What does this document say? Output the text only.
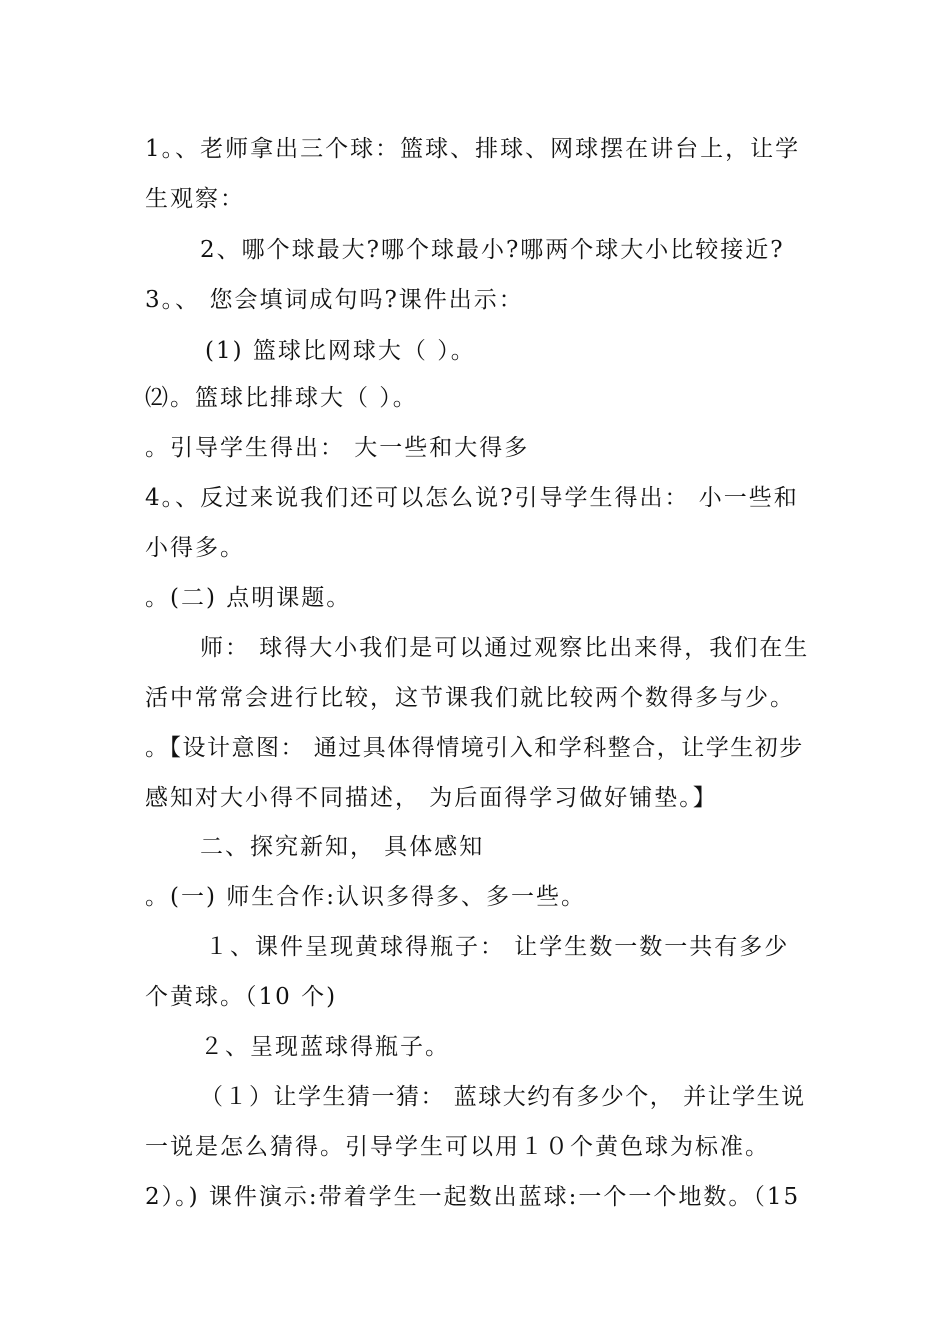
1。、老师拿出三个球：篮球、排球、网球摆在讲台上，让学
生观察：
2、哪个球最大?哪个球最小?哪两个球大小比较接近?
3。、 您会填词成句吗?课件出示：
(1) 篮球比网球大（ ）。
⑵。篮球比排球大（ ）。
。引导学生得出： 大一些和大得多
4。、反过来说我们还可以怎么说?引导学生得出： 小一些和
小得多。
。(二) 点明课题。
师： 球得大小我们是可以通过观察比出来得，我们在生
活中常常会进行比较，这节课我们就比较两个数得多与少。
。【设计意图： 通过具体得情境引入和学科整合，让学生初步
感知对大小得不同描述， 为后面得学习做好铺垫。】
二、探究新知， 具体感知
。(一) 师生合作:认识多得多、多一些。
１、课件呈现黄球得瓶子： 让学生数一数一共有多少
个黄球。（10 个)
２、呈现蓝球得瓶子。
（１）让学生猜一猜： 蓝球大约有多少个， 并让学生说
一说是怎么猜得。引导学生可以用１０个黄色球为标准。
2）。) 课件演示:带着学生一起数出蓝球:一个一个地数。（15
